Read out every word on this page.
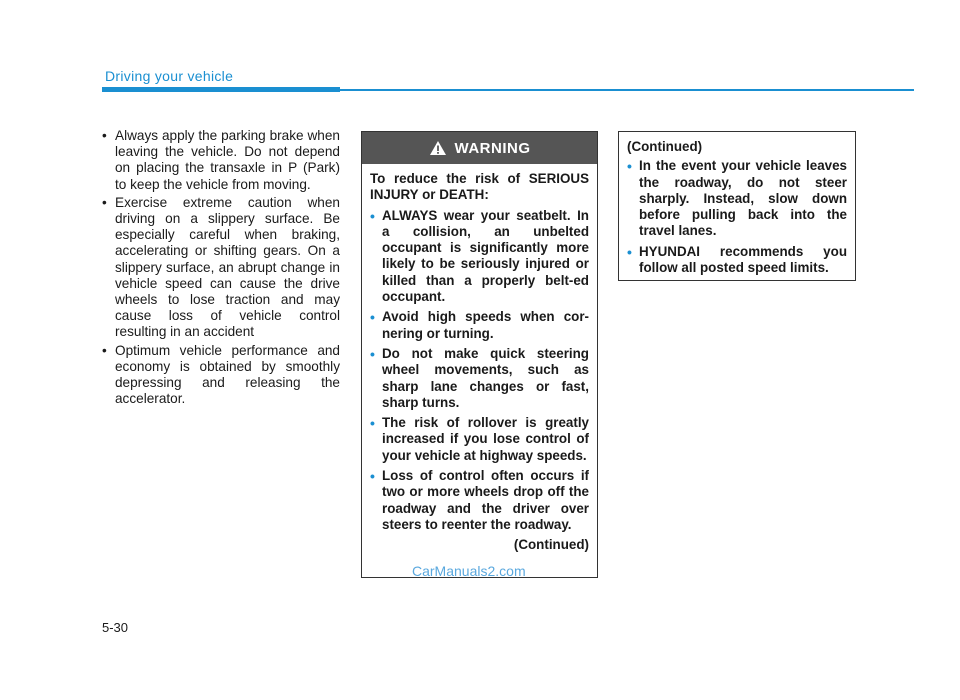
Driving your vehicle
• Always apply the parking brake when leaving the vehicle. Do not depend on placing the transaxle in P (Park) to keep the vehicle from moving.
• Exercise extreme caution when driving on a slippery surface. Be especially careful when braking, accelerating or shifting gears. On a slippery surface, an abrupt change in vehicle speed can cause the drive wheels to lose traction and may cause loss of vehicle control resulting in an accident
• Optimum vehicle performance and economy is obtained by smoothly depressing and releasing the accelerator.
WARNING
To reduce the risk of SERIOUS INJURY or DEATH:
• ALWAYS wear your seatbelt. In a collision, an unbelted occupant is significantly more likely to be seriously injured or killed than a properly belt-ed occupant.
• Avoid high speeds when cor-nering or turning.
• Do not make quick steering wheel movements, such as sharp lane changes or fast, sharp turns.
• The risk of rollover is greatly increased if you lose control of your vehicle at highway speeds.
• Loss of control often occurs if two or more wheels drop off the roadway and the driver over steers to reenter the roadway.
(Continued)
(Continued)
• In the event your vehicle leaves the roadway, do not steer sharply. Instead, slow down before pulling back into the travel lanes.
• HYUNDAI recommends you follow all posted speed limits.
CarManuals2.com
5-30
